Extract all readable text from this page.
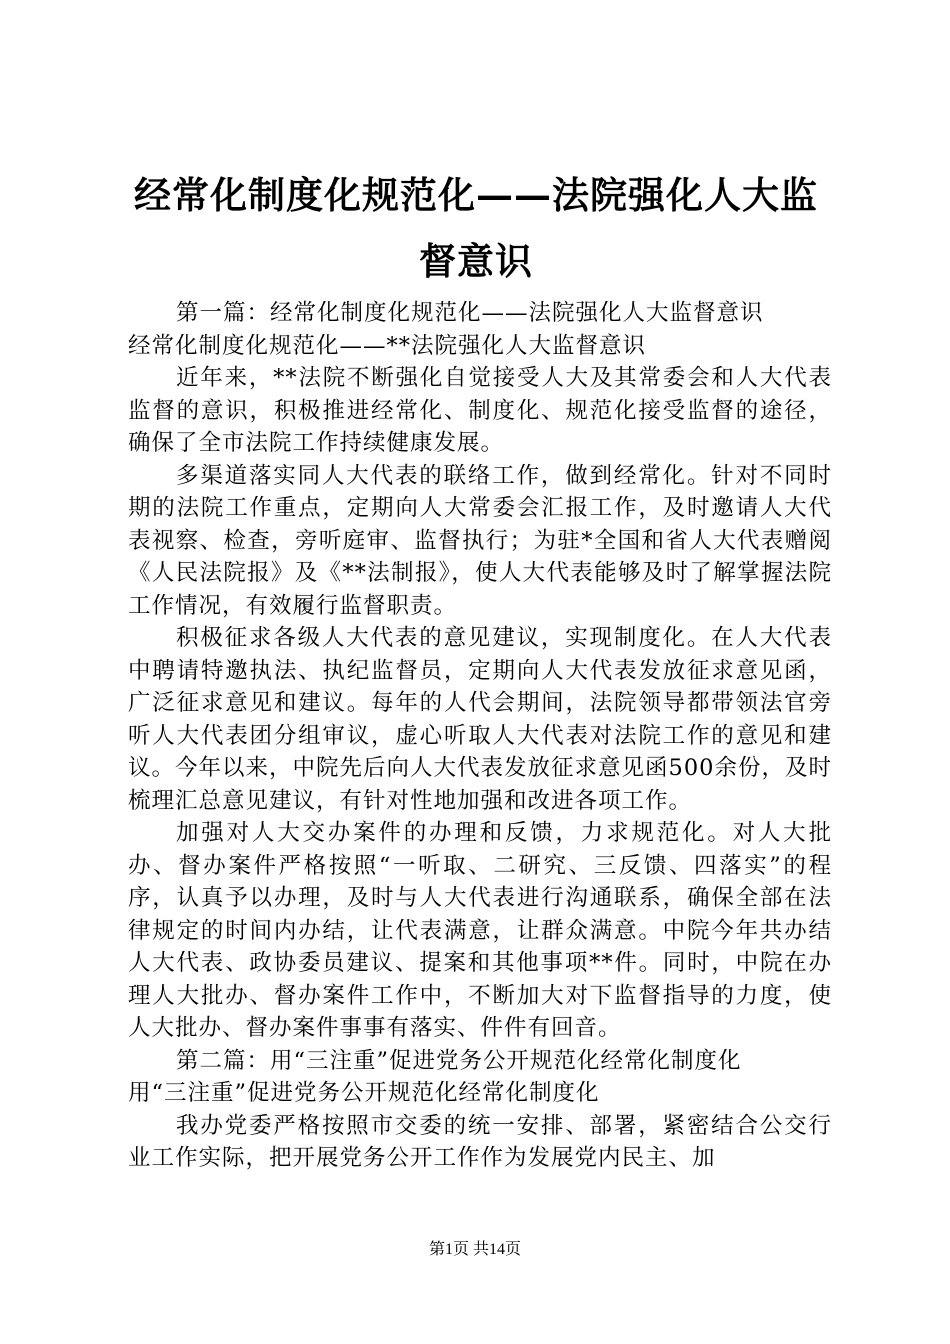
经常化制度化规范化——法院强化人大监督意识

第一篇：经常化制度化规范化——法院强化人大监督意识

经常化制度化规范化——**法院强化人大监督意识

近年来，**法院不断强化自觉接受人大及其常委会和人大代表监督的意识，积极推进经常化、制度化、规范化接受监督的途径，确保了全市法院工作持续健康发展。

多渠道落实同人大代表的联络工作，做到经常化。针对不同时期的法院工作重点，定期向人大常委会汇报工作，及时邀请人大代表视察、检查，旁听庭审、监督执行；为驻*全国和省人大代表赠阅《人民法院报》及《**法制报》，使人大代表能够及时了解掌握法院工作情况，有效履行监督职责。

积极征求各级人大代表的意见建议，实现制度化。在人大代表中聘请特邀执法、执纪监督员，定期向人大代表发放征求意见函，广泛征求意见和建议。每年的人代会期间，法院领导都带领法官旁听人大代表团分组审议，虚心听取人大代表对法院工作的意见和建议。今年以来，中院先后向人大代表发放征求意见函500余份，及时梳理汇总意见建议，有针对性地加强和改进各项工作。

加强对人大交办案件的办理和反馈，力求规范化。对人大批办、督办案件严格按照“一听取、二研究、三反馈、四落实”的程序，认真予以办理，及时与人大代表进行沟通联系，确保全部在法律规定的时间内办结，让代表满意，让群众满意。中院今年共办结人大代表、政协委员建议、提案和其他事项**件。同时，中院在办理人大批办、督办案件工作中，不断加大对下监督指导的力度，使人大批办、督办案件事事有落实、件件有回音。

第二篇：用“三注重”促进党务公开规范化经常化制度化

用“三注重”促进党务公开规范化经常化制度化

我办党委严格按照市交委的统一安排、部署，紧密结合公交行业工作实际，把开展党务公开工作作为发展党内民主、加

第1页 共14页
